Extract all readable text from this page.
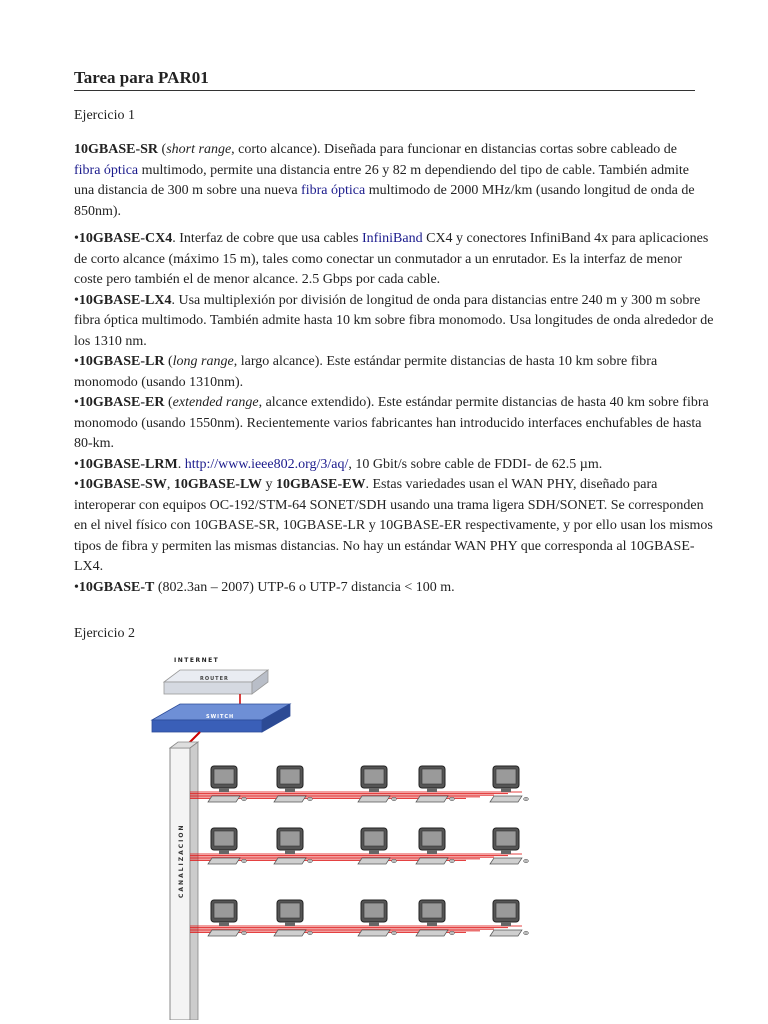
Tarea para PAR01
Ejercicio 1
10GBASE-SR (short range, corto alcance). Diseñada para funcionar en distancias cortas sobre cableado de fibra óptica multimodo, permite una distancia entre 26 y 82 m dependiendo del tipo de cable. También admite una distancia de 300 m sobre una nueva fibra óptica multimodo de 2000 MHz/km (usando longitud de onda de 850nm).
•10GBASE-CX4. Interfaz de cobre que usa cables InfiniBand CX4 y conectores InfiniBand 4x para aplicaciones de corto alcance (máximo 15 m), tales como conectar un conmutador a un enrutador. Es la interfaz de menor coste pero también el de menor alcance. 2.5 Gbps por cada cable.
•10GBASE-LX4. Usa multiplexión por división de longitud de onda para distancias entre 240 m y 300 m sobre fibra óptica multimodo. También admite hasta 10 km sobre fibra monomodo. Usa longitudes de onda alrededor de los 1310 nm.
•10GBASE-LR (long range, largo alcance). Este estándar permite distancias de hasta 10 km sobre fibra monomodo (usando 1310nm).
•10GBASE-ER (extended range, alcance extendido). Este estándar permite distancias de hasta 40 km sobre fibra monomodo (usando 1550nm). Recientemente varios fabricantes han introducido interfaces enchufables de hasta 80-km.
•10GBASE-LRM. http://www.ieee802.org/3/aq/, 10 Gbit/s sobre cable de FDDI- de 62.5 µm.
•10GBASE-SW, 10GBASE-LW y 10GBASE-EW. Estas variedades usan el WAN PHY, diseñado para interoperar con equipos OC-192/STM-64 SONET/SDH usando una trama ligera SDH/SONET. Se corresponden en el nivel físico con 10GBASE-SR, 10GBASE-LR y 10GBASE-ER respectivamente, y por ello usan los mismos tipos de fibra y permiten las mismas distancias. No hay un estándar WAN PHY que corresponda al 10GBASE- LX4.
•10GBASE-T (802.3an – 2007) UTP-6 o UTP-7 distancia < 100 m.
Ejercicio 2
INTERNET
ROUTER
SWITCH
CANALIZACION
